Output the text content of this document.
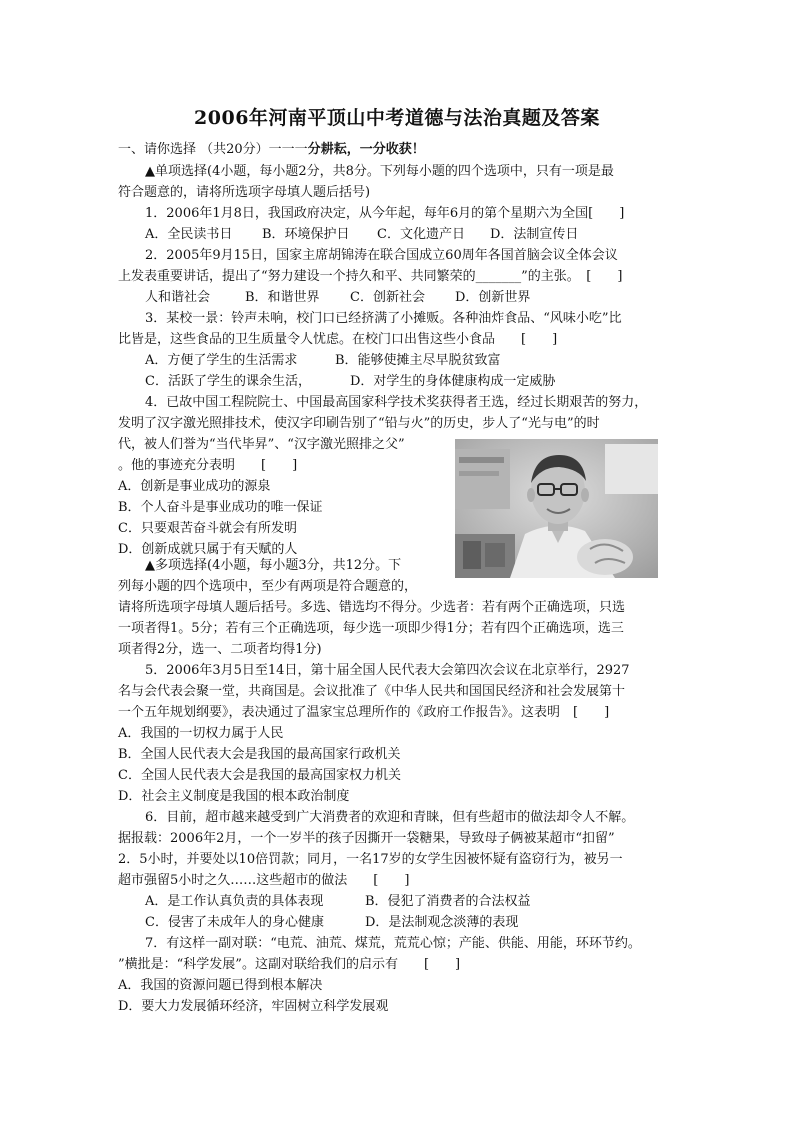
2006年河南平顶山中考道德与法治真题及答案
一、请你选择 （共20分）一一一分耕耘，一分收获！
▲单项选择(4小题，每小题2分，共8分。下列每小题的四个选项中，只有一项是最
符合题意的，请将所选项字母填人题后括号)
1．2006年1月8日，我国政府决定，从今年起，每年6月的第个星期六为全国[　　]
A．全民读书日 B．环境保护日 C．文化遗产日 D．法制宣传日
2．2005年9月15日，国家主席胡锦涛在联合国成立60周年各国首脑会议全体会议
上发表重要讲话，提出了“努力建设一个持久和平、共同繁荣的_______”的主张。　[　　]
人和谐社会	B．和谐世界 C．创新社会 D．创新世界
3．某校一景：铃声未响，校门口已经挤满了小摊贩。各种油炸食品、“风味小吃”比
比皆是，这些食品的卫生质量令人忧虑。在校门口出售这些小食品　　[　　]
A．方便了学生的生活需求	B．能够使摊主尽早脱贫致富
C．活跃了学生的课余生活，	D．对学生的身体健康构成一定威胁
4．已故中国工程院院士、中国最高国家科学技术奖获得者王选，经过长期艰苦的努力，
发明了汉字激光照排技术，使汉字印刷告别了“铅与火”的历史，步人了“光与电”的时
代，被人们誉为“当代毕昇”、“汉字激光照排之父”
。他的事迹充分表明　　[　　]
A．创新是事业成功的源泉
B．个人奋斗是事业成功的唯一保证
C．只要艰苦奋斗就会有所发明
D．创新成就只属于有天赋的人
▲多项选择(4小题，每小题3分，共12分。下
列每小题的四个选项中，至少有两项是符合题意的，
请将所选项字母填人题后括号。多选、错选均不得分。少选者：若有两个正确选项，只选
一项者得1。5分；若有三个正确选项，每少选一项即少得1分；若有四个正确选项，选三
项者得2分，选一、二项者均得1分)
5．2006年3月5日至14日，第十届全国人民代表大会第四次会议在北京举行，2927
名与会代表会聚一堂，共商国是。会议批准了《中华人民共和国国民经济和社会发展第十
一个五年规划纲要》，表决通过了温家宝总理所作的《政府工作报告》。这表明　[　　]
A．我国的一切权力属于人民
B．全国人民代表大会是我国的最高国家行政机关
C．全国人民代表大会是我国的最高国家权力机关
D．社会主义制度是我国的根本政治制度
6．目前，超市越来越受到广大消费者的欢迎和青睐，但有些超市的做法却令人不解。
据报载：2006年2月，一个一岁半的孩子因撕开一袋糖果，导致母子俩被某超市“扣留”
2．5小时，并要处以10倍罚款；同月，一名17岁的女学生因被怀疑有盗窃行为，被另一
超市强留5小时之久……这些超市的做法　　[　　]
A．是工作认真负责的具体表现	B．侵犯了消费者的合法权益
C．侵害了未成年人的身心健康	D．是法制观念淡薄的表现
7．有这样一副对联：“电荒、油荒、煤荒，荒荒心惊；产能、供能、用能，环环节约。
”横批是：“科学发展”。这副对联给我们的启示有　　[　　]
A．我国的资源问题已得到根本解决
D．要大力发展循环经济，牢固树立科学发展观
